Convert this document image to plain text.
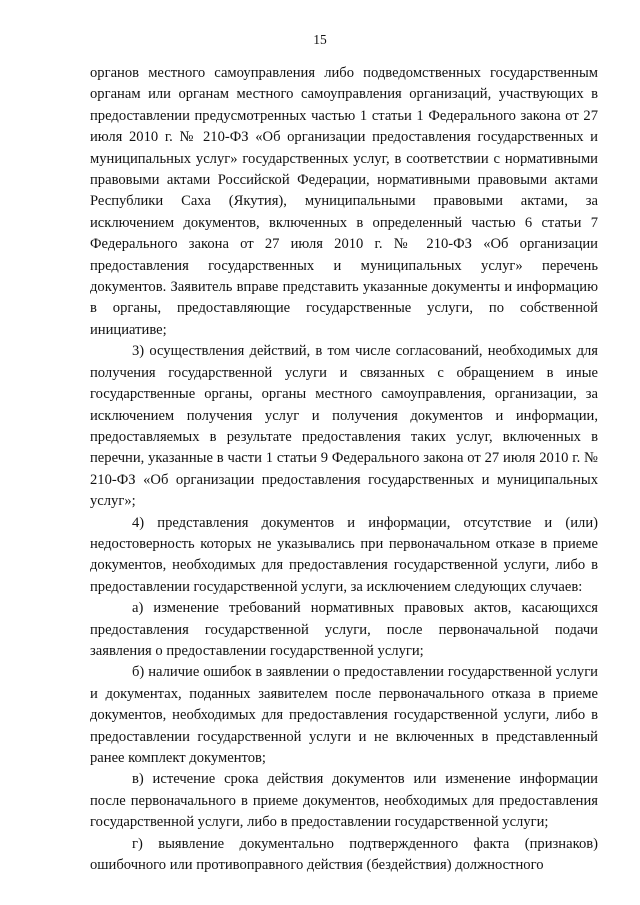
15

органов местного самоуправления либо подведомственных государственным органам или органам местного самоуправления организаций, участвующих в предоставлении предусмотренных частью 1 статьи 1 Федерального закона от 27 июля 2010 г. № 210-ФЗ «Об организации предоставления государственных и муниципальных услуг» государственных услуг, в соответствии с нормативными правовыми актами Российской Федерации, нормативными правовыми актами Республики Саха (Якутия), муниципальными правовыми актами, за исключением документов, включенных в определенный частью 6 статьи 7 Федерального закона от 27 июля 2010 г. № 210-ФЗ «Об организации предоставления государственных и муниципальных услуг» перечень документов. Заявитель вправе представить указанные документы и информацию в органы, предоставляющие государственные услуги, по собственной инициативе;

3) осуществления действий, в том числе согласований, необходимых для получения государственной услуги и связанных с обращением в иные государственные органы, органы местного самоуправления, организации, за исключением получения услуг и получения документов и информации, предоставляемых в результате предоставления таких услуг, включенных в перечни, указанные в части 1 статьи 9 Федерального закона от 27 июля 2010 г. № 210-ФЗ «Об организации предоставления государственных и муниципальных услуг»;

4) представления документов и информации, отсутствие и (или) недостоверность которых не указывались при первоначальном отказе в приеме документов, необходимых для предоставления государственной услуги, либо в предоставлении государственной услуги, за исключением следующих случаев:

а) изменение требований нормативных правовых актов, касающихся предоставления государственной услуги, после первоначальной подачи заявления о предоставлении государственной услуги;

б) наличие ошибок в заявлении о предоставлении государственной услуги и документах, поданных заявителем после первоначального отказа в приеме документов, необходимых для предоставления государственной услуги, либо в предоставлении государственной услуги и не включенных в представленный ранее комплект документов;

в) истечение срока действия документов или изменение информации после первоначального в приеме документов, необходимых для предоставления государственной услуги, либо в предоставлении государственной услуги;

г) выявление документально подтвержденного факта (признаков) ошибочного или противоправного действия (бездействия) должностного
